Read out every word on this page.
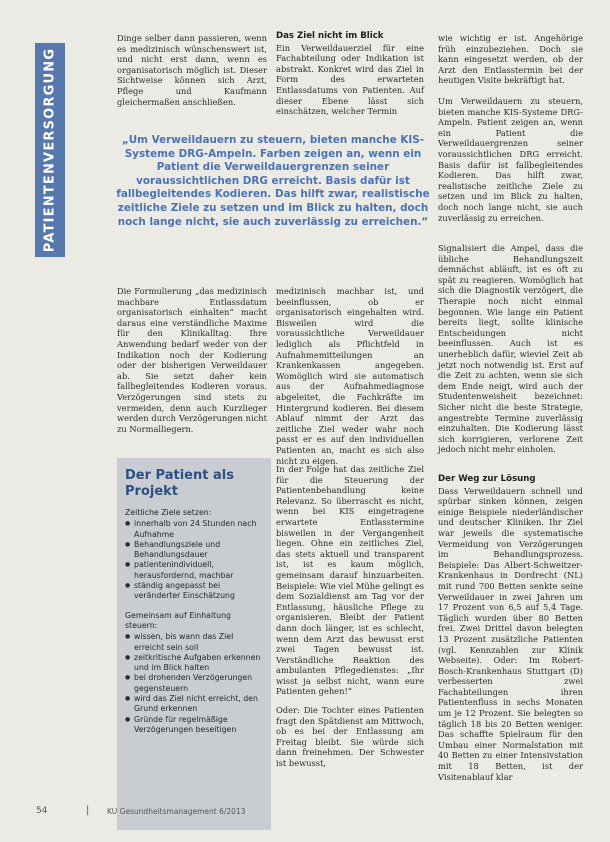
PATIENTENVERSORGUNG

Dinge selber dann passieren, wenn es medizinisch wünschenswert ist, und nicht erst dann, wenn es organisatorisch möglich ist. Dieser Sichtweise können sich Arzt, Pflege und Kaufmann gleichermaßen anschließen.

Das Ziel nicht im Blick

Ein Verweildauerziel für eine Fachabteilung oder Indikation ist abstrakt. Konkret wird das Ziel in Form des erwarteten Entlassdatums von Patienten. Auf dieser Ebene lässt sich einschätzen, welcher Termin

wie wichtig er ist. Angehörige früh einzubeziehen. Doch sie kann eingesetzt werden, ob der Arzt den Entlasstermin bei der heutigen Visite bekräftigt hat.

Um Verweildauern zu steuern, bieten manche KIS-Systeme DRG-Ampeln. Patient zeigen an, wenn ein Patient die Verweildauergrenzen seiner voraussichtlichen DRG erreicht. Basis dafür ist fallbegleitendes Kodieren. Das hilft zwar, realistische zeitliche Ziele zu setzen und im Blick zu halten, doch noch lange nicht, sie auch zuverlässig zu erreichen.

„Um Verweildauern zu steuern, bieten manche KIS-Systeme DRG-Ampeln. Farben zeigen an, wenn ein Patient die Verweildauergrenzen seiner voraussichtlichen DRG erreicht. Basis dafür ist fallbegleitendes Kodieren. Das hilft zwar, realistische zeitliche Ziele zu setzen und im Blick zu halten, doch noch lange nicht, sie auch zuverlässig zu erreichen.“

Die Formulierung „das medizinisch machbare Entlassdatum organisatorisch einhalten“ macht daraus eine verständliche Maxime für den Klinikalltag. Ihre Anwendung bedarf weder von der Indikation noch der Kodierung oder der bisherigen Verweildauer ab. Sie setzt daher kein fallbegleitendes Kodieren voraus. Verzögerungen sind stets zu vermeiden, denn auch Kurzlieger werden durch Verzögerungen nicht zu Normalliegern.

medizinisch machbar ist, und beeinflussen, ob er organisatorisch eingehalten wird. Bisweilen wird die voraussichtliche Verweildauer lediglich als Pflichtfeld in Aufnahmemitteilungen an Krankenkassen angegeben. Womöglich wird sie automatisch aus der Aufnahmediagnose abgeleitet, die Fachkräfte im Hintergrund kodieren. Bei diesem Ablauf nimmt der Arzt das zeitliche Ziel weder wahr noch passt er es auf den individuellen Patienten an, macht es sich also nicht zu eigen.

In der Folge hat das zeitliche Ziel für die Steuerung der Patientenbehandlung keine Relevanz. So überrascht es nicht, wenn bei KIS eingetragene erwartete Entlasstermine bisweilen in der Vergangenheit liegen. Ohne ein zeitliches Ziel, das stets aktuell und transparent ist, ist es kaum möglich, gemeinsam darauf hinzuarbeiten. Beispiele: Wie viel Mühe gelingt es dem Sozialdienst am Tag vor der Entlassung, häusliche Pflege zu organisieren. Bleibt der Patient dann doch länger, ist es schlecht, wenn dem Arzt das bewusst erst zwei Tagen bewusst ist. Verständliche Reaktion des ambulanten Pflegedienstes: „Ihr wisst ja selbst nicht, wann eure Patienten gehen!“

Oder: Die Tochter eines Patienten fragt den Spätdienst am Mittwoch, ob es bei der Entlassung am Freitag bleibt. Sie würde sich dann freinehmen. Der Schwester ist bewusst,

Signalisiert die Ampel, dass die übliche Behandlungszeit demnächst abläuft, ist es oft zu spät zu reagieren. Womöglich hat sich die Diagnostik verzögert, die Therapie noch nicht einmal begonnen. Wie lange ein Patient bereits liegt, sollte klinische Entscheidungen nicht beeinflussen. Auch ist es unerheblich dafür, wieviel Zeit ab jetzt noch notwendig ist. Erst auf die Zeit zu achten, wenn sie sich dem Ende neigt, wird auch der Studentenweisheit bezeichnet: Sicher nicht die beste Strategie, angestrebte Termine zuverlässig einzuhalten. Die Kodierung lässt sich korrigieren, verlorene Zeit jedoch nicht mehr einholen.

Der Weg zur Lösung

Dass Verweildauern schnell und spürbar sinken können, zeigen einige Beispiele niederländischer und deutscher Kliniken. Ihr Ziel war jeweils die systematische Vermeidung von Verzögerungen im Behandlungsprozess. Beispiele: Das Albert-Schweitzer-Krankenhaus in Dordrecht (NL) mit rund 700 Betten senkte seine Verweildauer in zwei Jahren um 17 Prozent von 6,5 auf 5,4 Tage. Täglich wurden über 80 Betten frei. Zwei Drittel davon belegten 13 Prozent zusätzliche Patienten (vgl. Kennzahlen zur Klinik Webseite). Oder: Im Robert-Bosch-Krankenhaus Stuttgart (D) verbesserten zwei Fachabteilungen ihren Patientenfluss in sechs Monaten um je 12 Prozent. Sie belegten so täglich 18 bis 20 Betten weniger. Das schaffte Spielraum für den Umbau einer Normalstation mit 40 Betten zu einer Intensivstation mit 18 Betten, ist der Visitenablauf klar

Der Patient als Projekt

Zeitliche Ziele setzen:

● innerhalb von 24 Stunden nach Aufnahme
● Behandlungsziele und Behandlungsdauer
● patientenindividuell, herausfordernd, machbar
● ständig angepasst bei veränderter Einschätzung

Gemeinsam auf Einhaltung steuern:

● wissen, bis wann das Ziel erreicht sein soll
● zeitkritische Aufgaben erkennen und im Blick halten
● bei drohenden Verzögerungen gegensteuern
● wird das Ziel nicht erreicht, den Grund erkennen
● Gründe für regelmäßige Verzögerungen beseitigen
54	| KU Gesundheitsmanagement 6/2013
